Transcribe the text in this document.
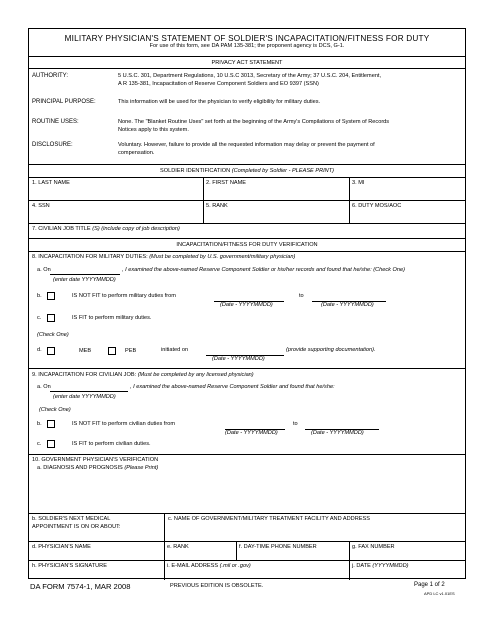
MILITARY PHYSICIAN'S STATEMENT OF SOLDIER'S INCAPACITATION/FITNESS FOR DUTY
For use of this form, see DA PAM 135-381; the proponent agency is DCS, G-1.
PRIVACY ACT STATEMENT
AUTHORITY:	5 U.S.C. 301, Department Regulations, 10 U.S.C 3013, Secretary of the Army; 37 U.S.C. 204, Entitlement,
A R 135-381, Incapacitation of Reserve Component Soldiers and EO 9397 (SSN)
PRINCIPAL PURPOSE:	This information will be used for the physician to verify eligibility for military duties.
ROUTINE USES:	None. The "Blanket Routine Uses" set forth at the beginning of the Army's Compilations of System of Records
Notices apply to this system.
DISCLOSURE:	Voluntary. However, failure to provide all the requested information may delay or prevent the payment of
compensation.
SOLDIER IDENTIFICATION (Completed by Soldier - PLEASE PRINT)
1. LAST NAME	2. FIRST NAME	3. MI
4. SSN	5. RANK	6. DUTY MOS/AOC
7. CIVILIAN JOB TITLE (S) (include copy of job description)
INCAPACITATION/FITNESS FOR DUTY VERIFICATION
8. INCAPACITATION FOR MILITARY DUTIES: (Must be completed by U.S. government/military physician)
a. On	, I examined the above-named Reserve Component Soldier or his/her records and found that he/she: (Check One)
(enter date YYYYMMDD)
b.	IS NOT FIT to perform military duties from	to
(Date - YYYYMMDD)	(Date - YYYYMMDD)
c.	IS FIT to perform military duties.
(Check One)
d.	MEB	PEB	initiated on	(provide supporting documentation).
(Date - YYYYMMDD)
9. INCAPACITATION FOR CIVILIAN JOB: (Must be completed by any licensed physician)
a. On	, I examined the above-named Reserve Component Soldier and found that he/she:
(enter date YYYYMMDD)
(Check One)
b.	IS NOT FIT to perform civilian duties from	to
(Date - YYYYMMDD)	(Date - YYYYMMDD)
c.	IS FIT to perform civilian duties.
10. GOVERNMENT PHYSICIAN'S VERIFICATION
a. DIAGNOSIS AND PROGNOSIS (Please Print)
b. SOLDIER'S NEXT MEDICAL
APPOINTMENT IS ON OR ABOUT:
c. NAME OF GOVERNMENT/MILITARY TREATMENT FACILITY AND ADDRESS
d. PHYSICIAN'S NAME	e. RANK	f. DAY-TIME PHONE NUMBER	g. FAX NUMBER
h. PHYSICIAN'S SIGNATURE	i. E-MAIL ADDRESS (.mil or .gov)	j. DATE (YYYYMMDD)
DA FORM 7574-1, MAR 2008	PREVIOUS EDITION IS OBSOLETE.	Page 1 of 2
APD LC v1.01ES
